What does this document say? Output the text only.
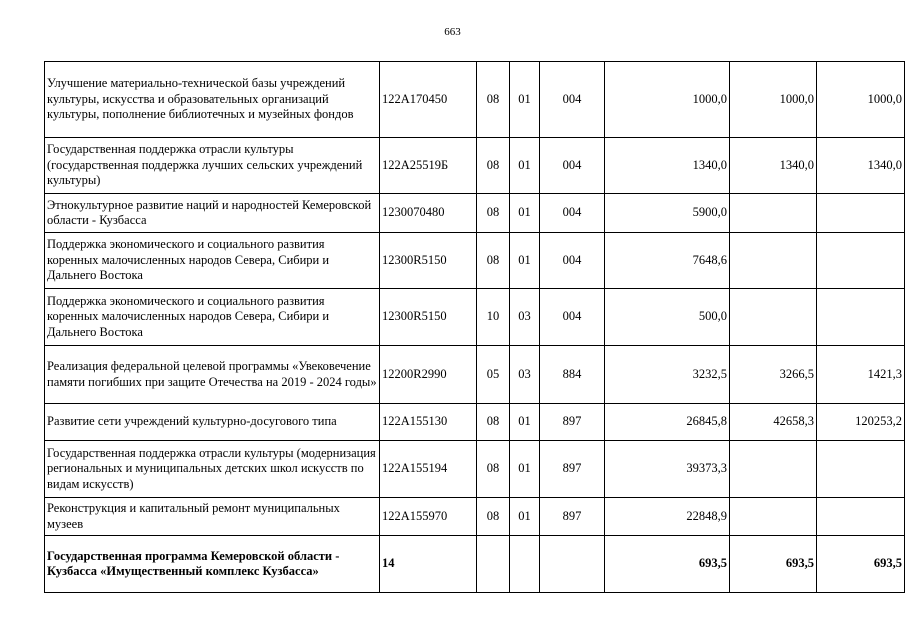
663
Улучшение материально-технической базы учреждений культуры, искусства и образовательных организаций культуры, пополнение библиотечных и музейных фондов	122А170450	08	01	004	1000,0	1000,0	1000,0
Государственная поддержка отрасли культуры (государственная поддержка лучших сельских учреждений культуры)	122А25519Б	08	01	004	1340,0	1340,0	1340,0
Этнокультурное развитие наций и народностей Кемеровской области - Кузбасса	1230070480	08	01	004	5900,0		
Поддержка экономического и социального развития коренных малочисленных народов Севера, Сибири и Дальнего Востока	12300R5150	08	01	004	7648,6		
Поддержка экономического и социального развития коренных малочисленных народов Севера, Сибири и Дальнего Востока	12300R5150	10	03	004	500,0		
Реализация федеральной целевой программы «Увековечение памяти погибших при защите Отечества на 2019 - 2024 годы»	12200R2990	05	03	884	3232,5	3266,5	1421,3
Развитие сети учреждений культурно-досугового типа	122А155130	08	01	897	26845,8	42658,3	120253,2
Государственная поддержка отрасли культуры (модернизация региональных и муниципальных детских школ искусств по видам искусств)	122А155194	08	01	897	39373,3		
Реконструкция и капитальный ремонт муниципальных музеев	122А155970	08	01	897	22848,9		
Государственная программа Кемеровской области - Кузбасса «Имущественный комплекс Кузбасса»	14				693,5	693,5	693,5
